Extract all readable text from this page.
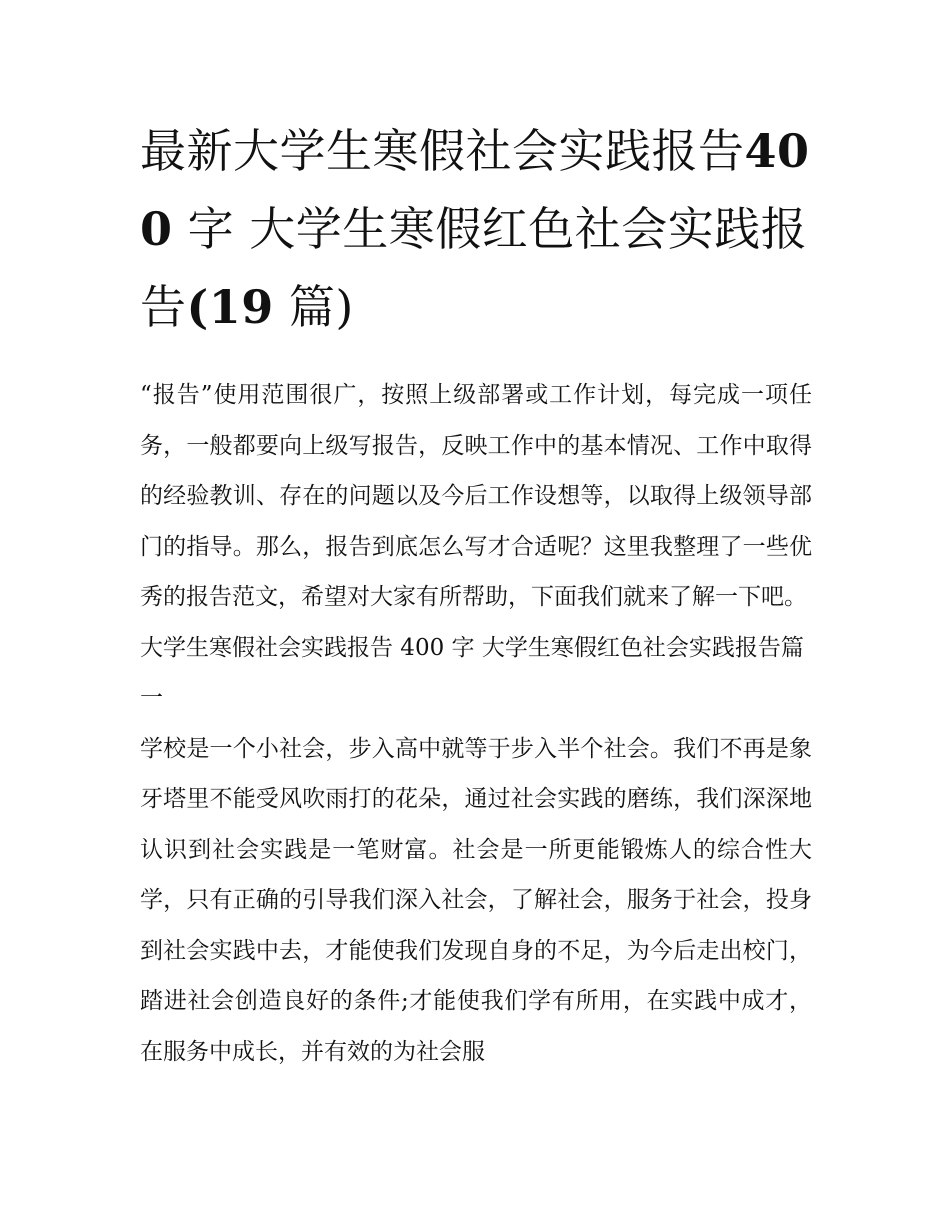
最新大学生寒假社会实践报告400 字 大学生寒假红色社会实践报告(19 篇)

“报告”使用范围很广，按照上级部署或工作计划，每完成一项任务，一般都要向上级写报告，反映工作中的基本情况、工作中取得的经验教训、存在的问题以及今后工作设想等，以取得上级领导部门的指导。那么，报告到底怎么写才合适呢？这里我整理了一些优秀的报告范文，希望对大家有所帮助，下面我们就来了解一下吧。

大学生寒假社会实践报告 400 字 大学生寒假红色社会实践报告篇一

学校是一个小社会，步入高中就等于步入半个社会。我们不再是象牙塔里不能受风吹雨打的花朵，通过社会实践的磨练，我们深深地认识到社会实践是一笔财富。社会是一所更能锻炼人的综合性大学，只有正确的引导我们深入社会，了解社会，服务于社会，投身到社会实践中去，才能使我们发现自身的不足，为今后走出校门，踏进社会创造良好的条件;才能使我们学有所用，在实践中成才，在服务中成长，并有效的为社会服
